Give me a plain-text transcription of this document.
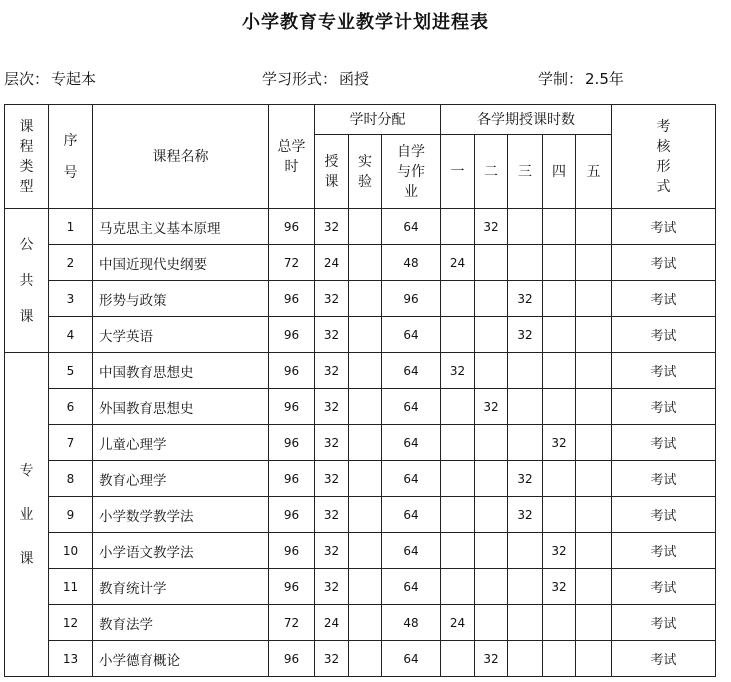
小学教育专业教学计划进程表
层次： 专起本	学习形式： 函授	学制： 2.5年
课程类型	序号	课程名称	总学时	学时分配			各学期授课时数					考核形式
				授课	实验	自学与作业	一	二	三	四	五	
公共课	1	马克思主义基本原理	96	32		64		32				考试
	2	中国近现代史纲要	72	24		48	24					考试
	3	形势与政策	96	32		96			32			考试
	4	大学英语	96	32		64			32			考试
专业课	5	中国教育思想史	96	32		64	32					考试
	6	外国教育思想史	96	32		64		32				考试
	7	儿童心理学	96	32		64				32		考试
	8	教育心理学	96	32		64			32			考试
	9	小学数学教学法	96	32		64			32			考试
	10	小学语文教学法	96	32		64				32		考试
	11	教育统计学	96	32		64				32		考试
	12	教育法学	72	24		48	24					考试
	13	小学德育概论	96	32		64		32				考试
